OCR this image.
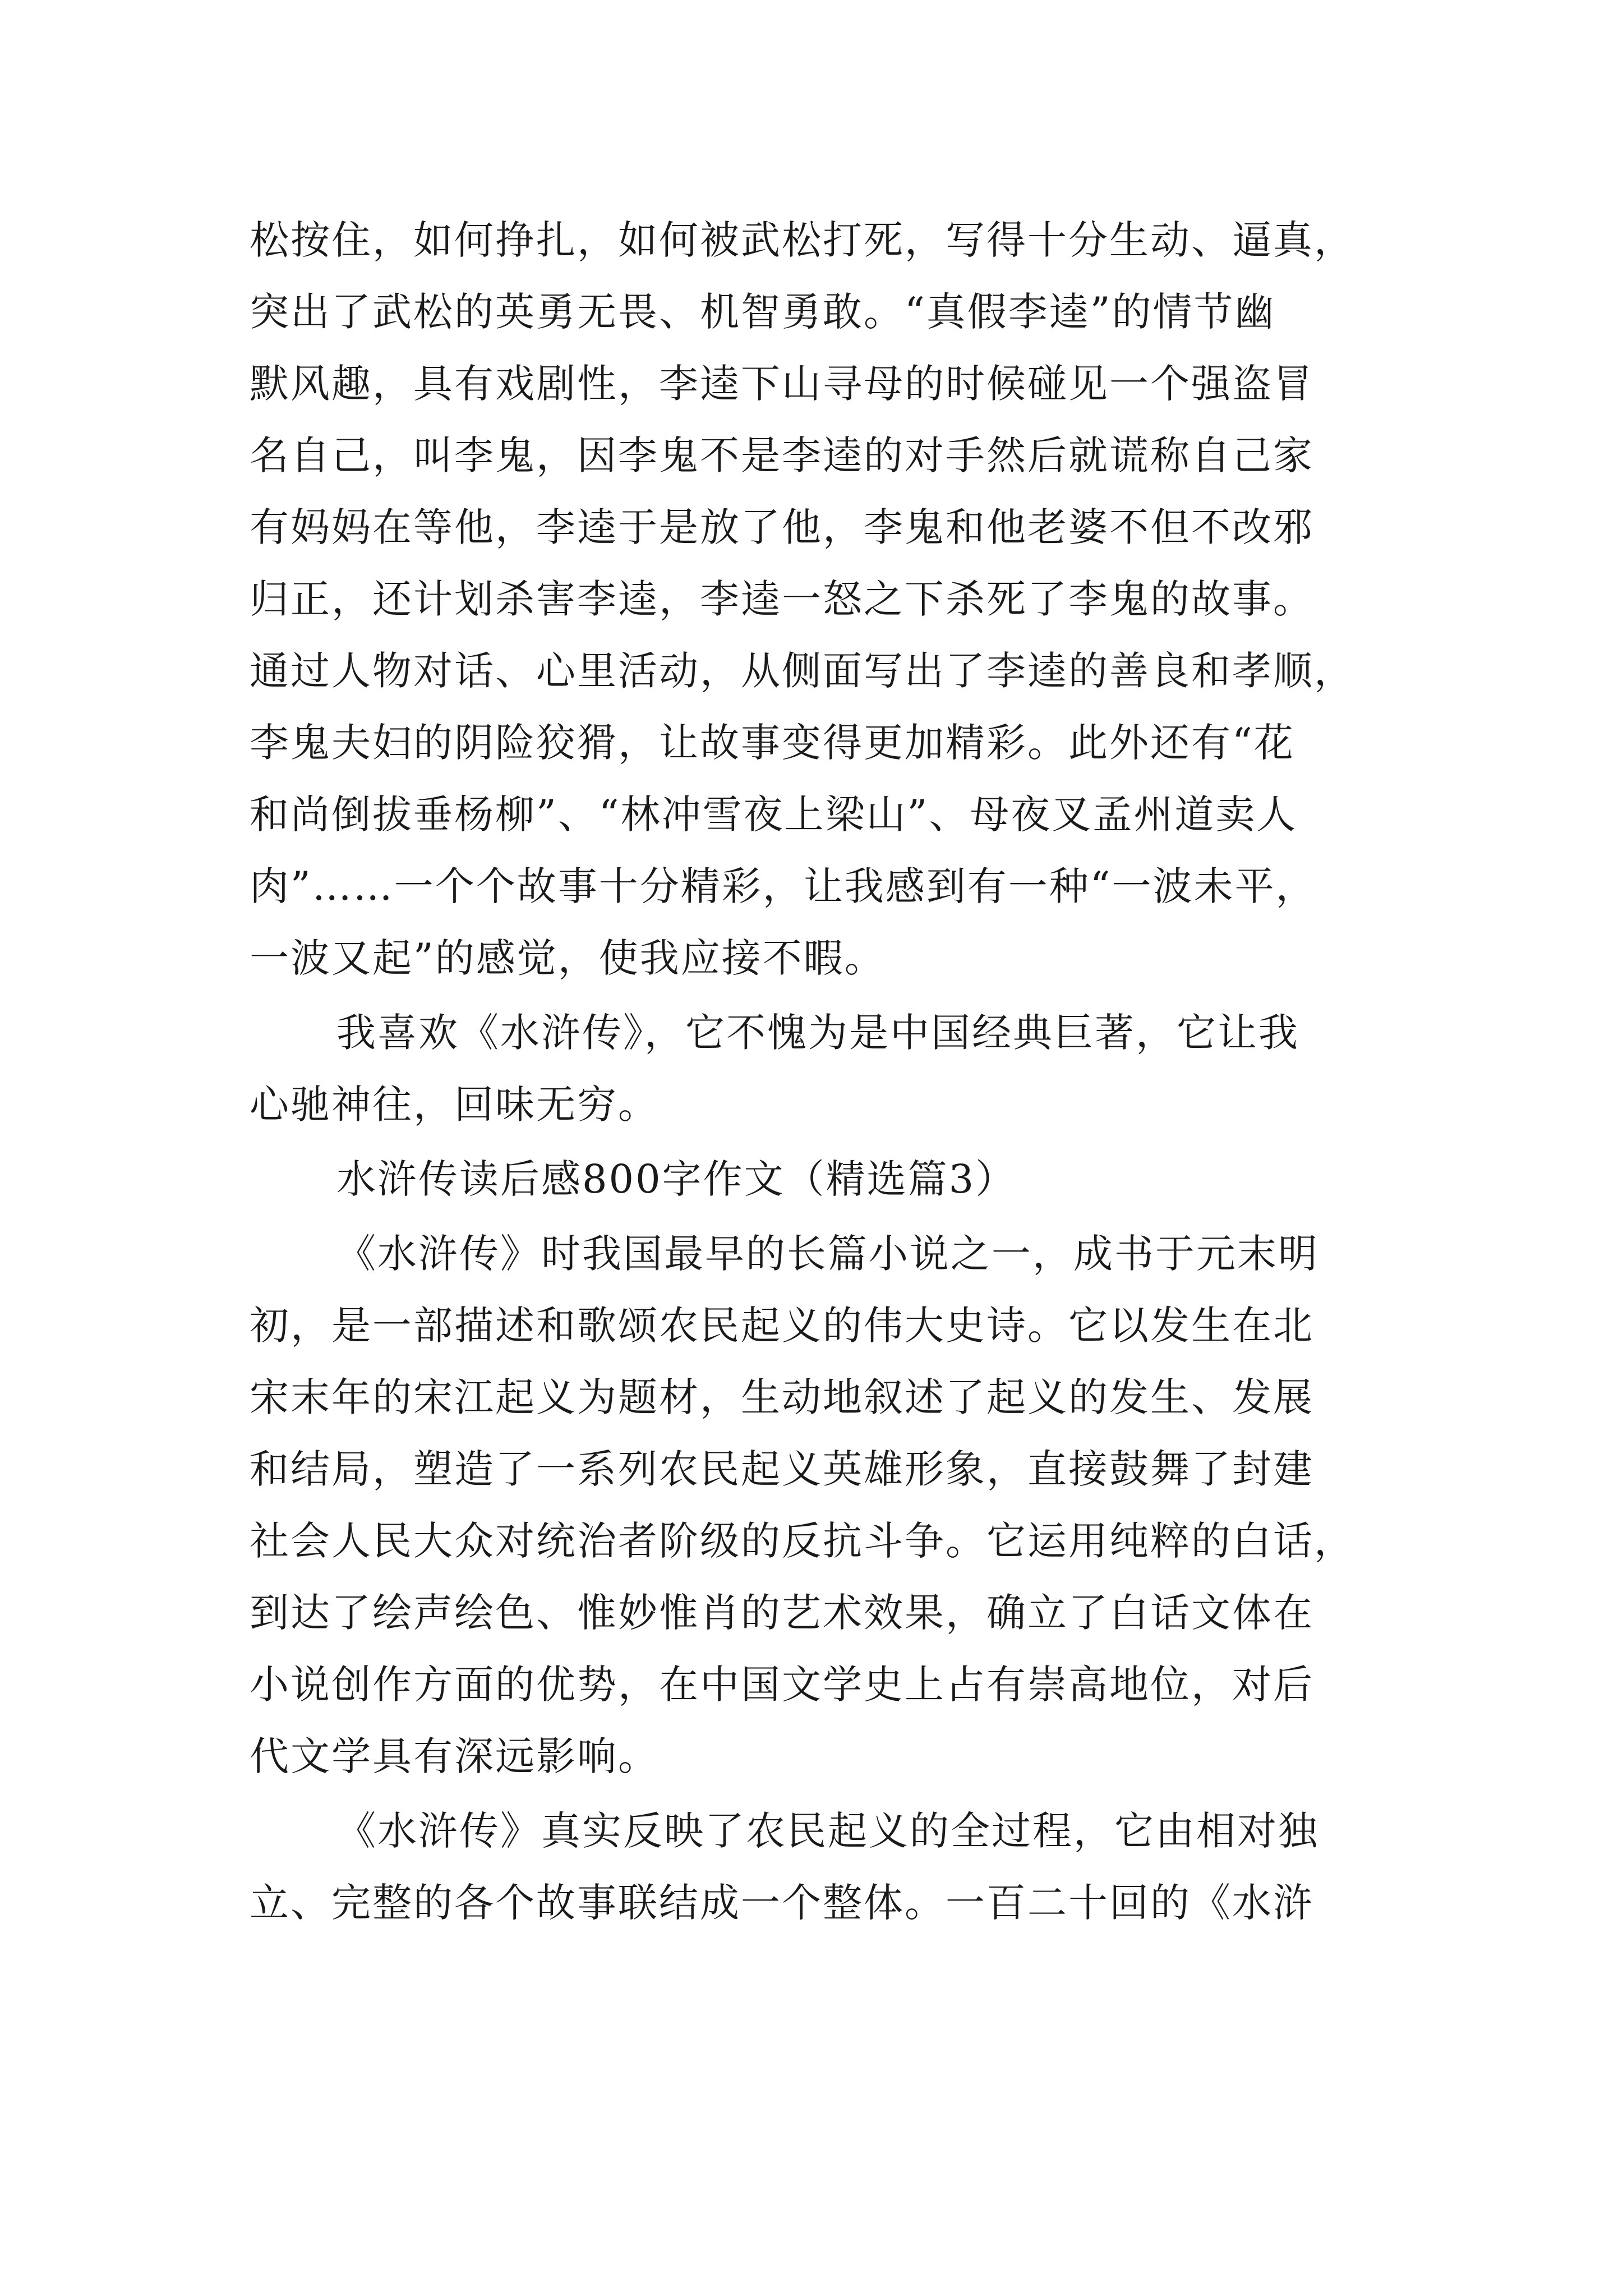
松按住，如何挣扎，如何被武松打死，写得十分生动、逼真，

突出了武松的英勇无畏、机智勇敢。“真假李逵”的情节幽

默风趣，具有戏剧性，李逵下山寻母的时候碰见一个强盗冒

名自己，叫李鬼，因李鬼不是李逵的对手然后就谎称自己家

有妈妈在等他，李逵于是放了他，李鬼和他老婆不但不改邪

归正，还计划杀害李逵，李逵一怒之下杀死了李鬼的故事。

通过人物对话、心里活动，从侧面写出了李逵的善良和孝顺，

李鬼夫妇的阴险狡猾，让故事变得更加精彩。此外还有“花

和尚倒拔垂杨柳”、“林冲雪夜上梁山”、母夜叉孟州道卖人

肉”……一个个故事十分精彩，让我感到有一种“一波未平，

一波又起”的感觉，使我应接不暇。

我喜欢《水浒传》，它不愧为是中国经典巨著，它让我

心驰神往，回味无穷。

水浒传读后感800字作文（精选篇3）

《水浒传》时我国最早的长篇小说之一，成书于元末明

初，是一部描述和歌颂农民起义的伟大史诗。它以发生在北

宋末年的宋江起义为题材，生动地叙述了起义的发生、发展

和结局，塑造了一系列农民起义英雄形象，直接鼓舞了封建

社会人民大众对统治者阶级的反抗斗争。它运用纯粹的白话，

到达了绘声绘色、惟妙惟肖的艺术效果，确立了白话文体在

小说创作方面的优势，在中国文学史上占有崇高地位，对后

代文学具有深远影响。

《水浒传》真实反映了农民起义的全过程，它由相对独

立、完整的各个故事联结成一个整体。一百二十回的《水浒
